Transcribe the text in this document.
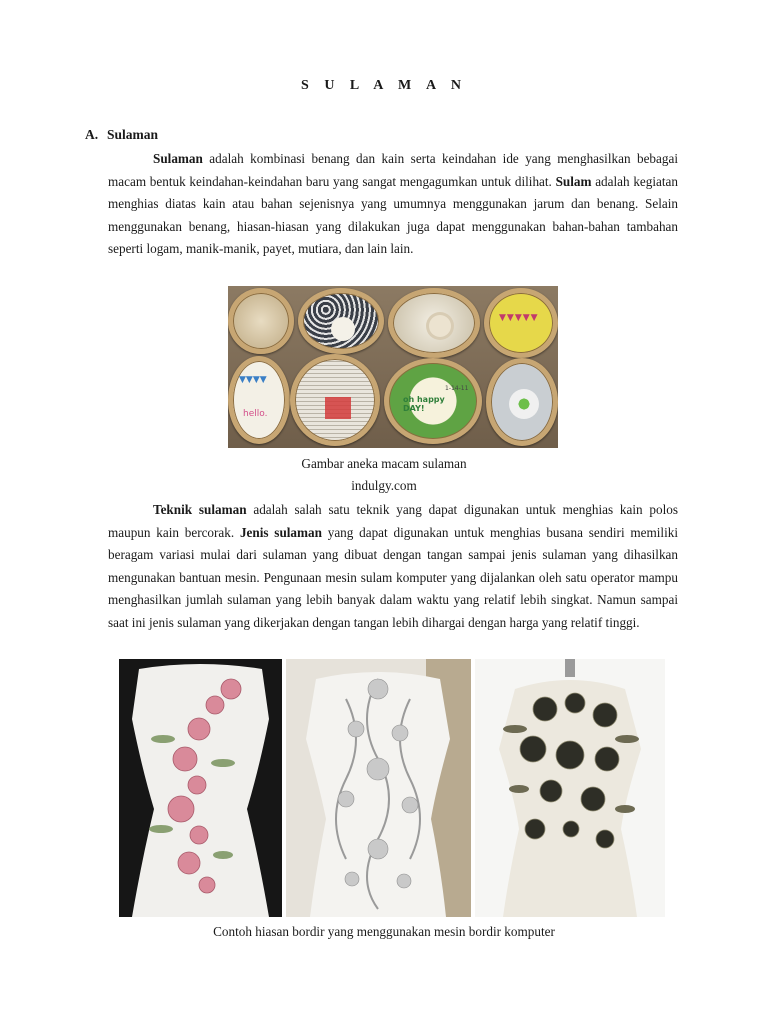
S U L A M A N
A. Sulaman

Sulaman adalah kombinasi benang dan kain serta keindahan ide yang menghasilkan bebagai macam bentuk keindahan-keindahan baru yang sangat mengagumkan untuk dilihat. Sulam adalah kegiatan menghias diatas kain atau bahan sejenisnya yang umumnya menggunakan jarum dan benang. Selain menggunakan benang, hiasan-hiasan yang dilakukan juga dapat menggunakan bahan-bahan tambahan seperti logam, manik-manik, payet, mutiara, dan lain lain.

▼▼▼▼▼
▼▼▼▼
hello.
oh happy DAY!
1-14-11
Gambar aneka macam sulaman
indulgy.com

Teknik sulaman adalah salah satu teknik yang dapat digunakan untuk menghias kain polos maupun kain bercorak. Jenis sulaman yang dapat digunakan untuk menghias busana sendiri memiliki beragam variasi mulai dari sulaman yang dibuat dengan tangan sampai jenis sulaman yang dihasilkan mengunakan bantuan mesin. Pengunaan mesin sulam komputer yang dijalankan oleh satu operator mampu menghasilkan jumlah sulaman yang lebih banyak dalam waktu yang relatif lebih singkat. Namun sampai saat ini jenis sulaman yang dikerjakan dengan tangan lebih dihargai dengan harga yang relatif tinggi.

Contoh hiasan bordir yang menggunakan mesin bordir komputer
